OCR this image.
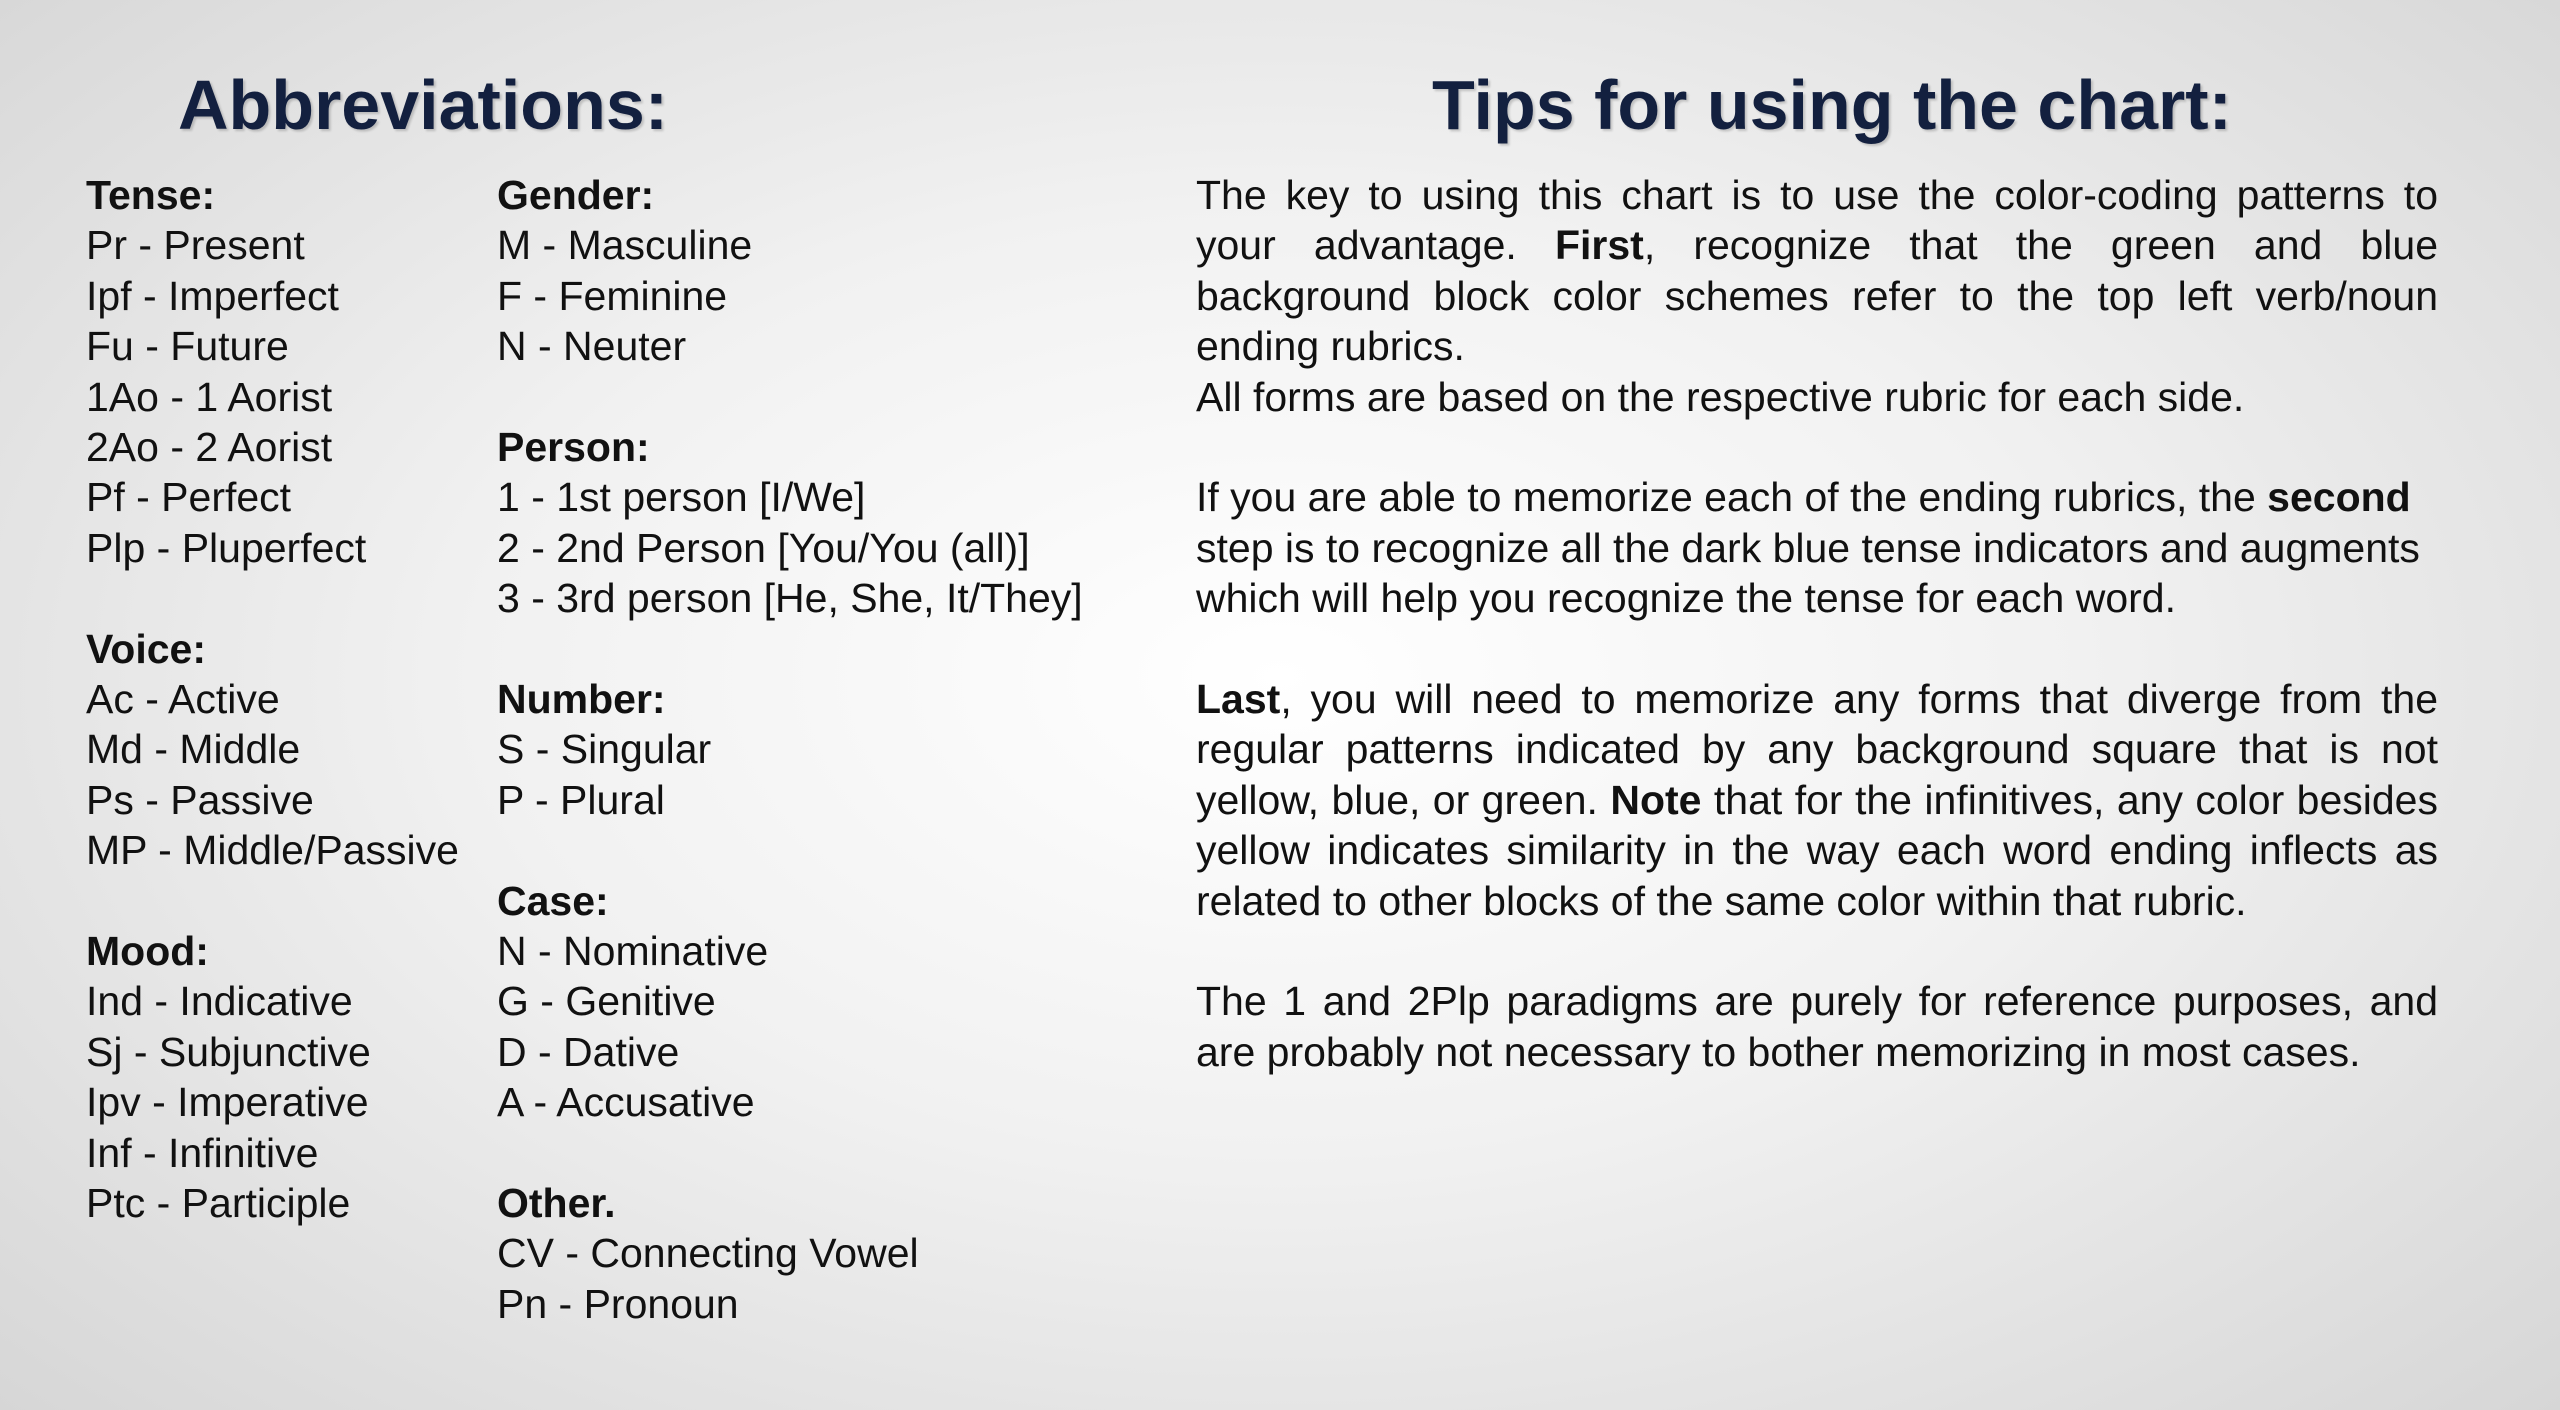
Abbreviations:	Tips for using the chart:
Tense:
Pr - Present
Ipf - Imperfect
Fu - Future
1Ao - 1 Aorist
2Ao - 2 Aorist
Pf - Perfect
Plp - Pluperfect
Voice:
Ac - Active
Md - Middle
Ps - Passive
MP - Middle/Passive
Mood:
Ind - Indicative
Sj - Subjunctive
Ipv - Imperative
Inf - Infinitive
Ptc - Participle
Gender:
M - Masculine
F - Feminine
N - Neuter
Person:
1 - 1st person [I/We]
2 - 2nd Person [You/You (all)]
3 - 3rd person [He, She, It/They]
Number:
S - Singular
P - Plural
Case:
N - Nominative
G - Genitive
D - Dative
A - Accusative
Other.
CV - Connecting Vowel
Pn - Pronoun

The key to using this chart is to use the color-coding patterns to your advantage. First, recognize that the green and blue background block color schemes refer to the top left verb/noun ending rubrics.All forms are based on the respective rubric for each side.

If you are able to memorize each of the ending rubrics, the secondstep is to recognize all the dark blue tense indicators and augmentswhich will help you recognize the tense for each word.

Last, you will need to memorize any forms that diverge from the regular patterns indicated by any background square that is not yellow, blue, or green. Note that for the infinitives, any color besides yellow indicates similarity in the way each word ending inflects as related to other blocks of the same color within that rubric.

The 1 and 2Plp paradigms are purely for reference purposes, and are probably not necessary to bother memorizing in most cases.
